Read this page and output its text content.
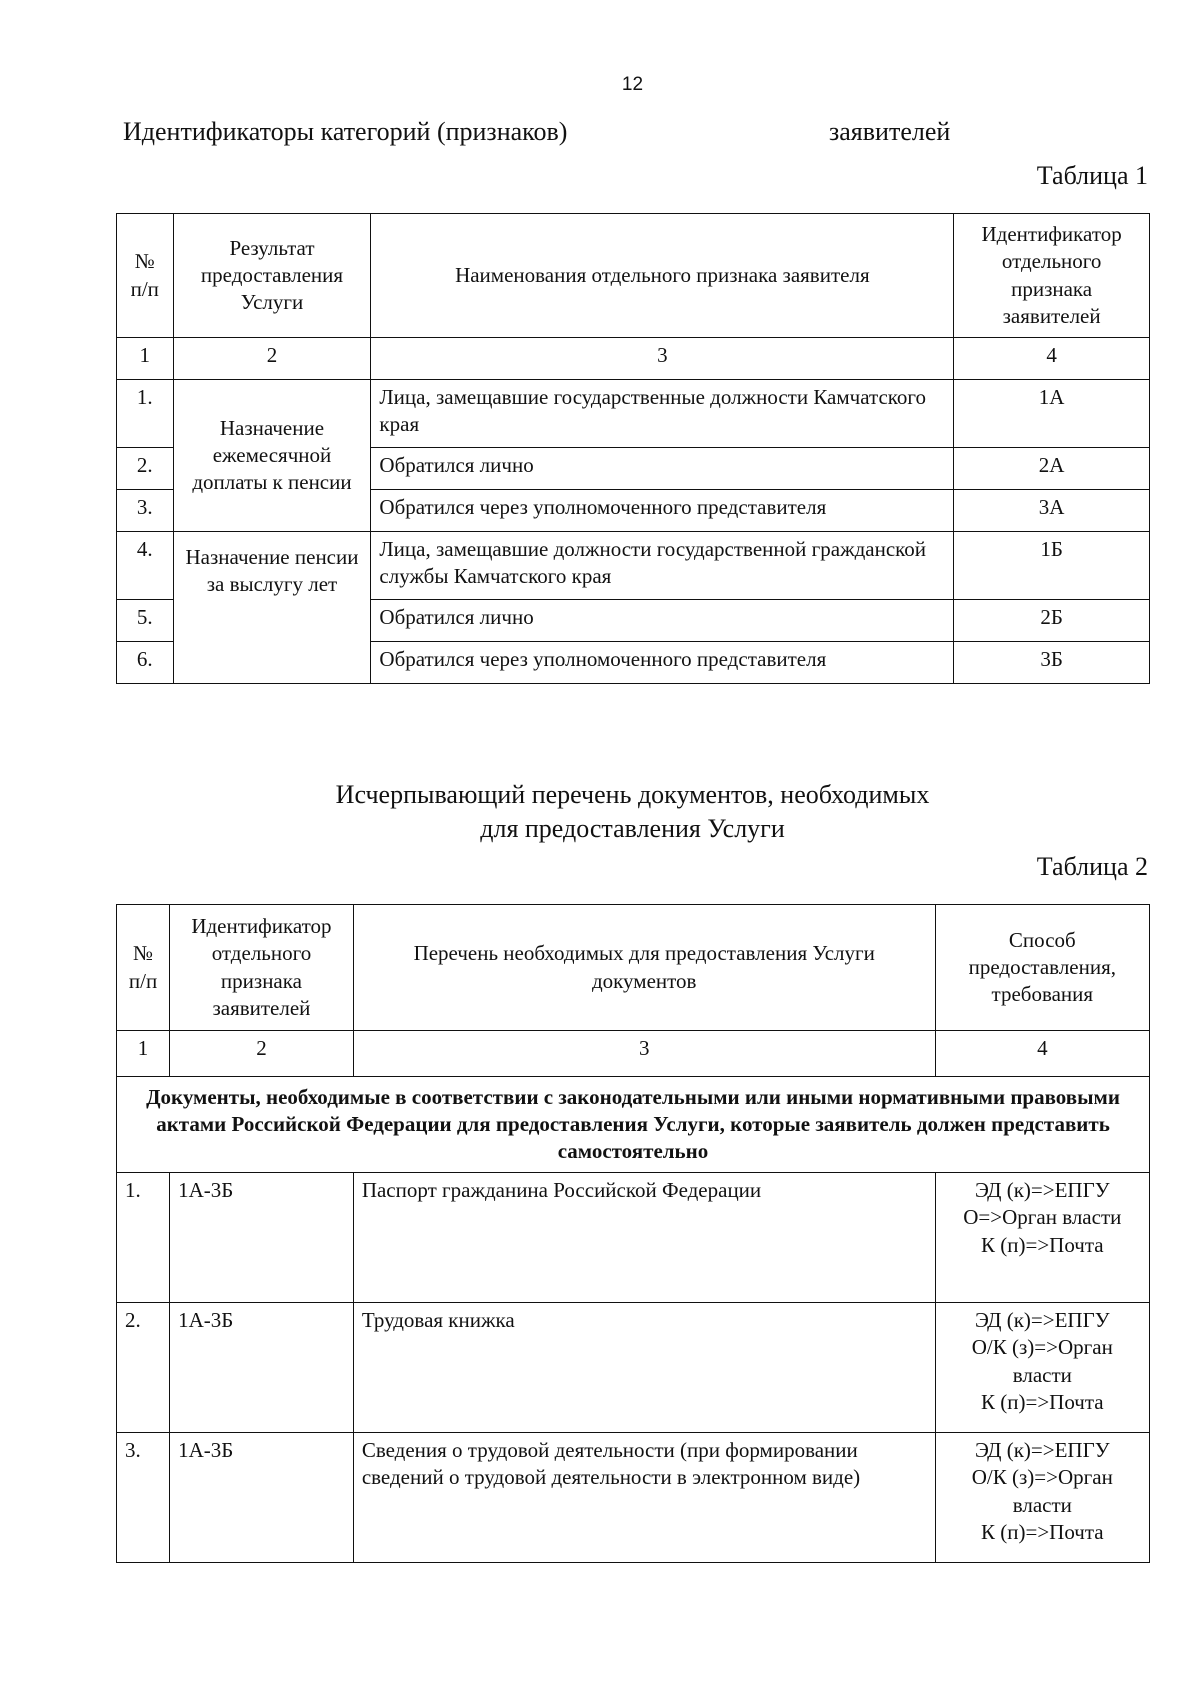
12
Идентификаторы категорий (признаков)	заявителей
Таблица 1
№ п/п	Результат предоставления Услуги	Наименования отдельного признака заявителя	Идентификатор отдельного признака заявителей
1	2	3	4
1.	Назначение ежемесячной доплаты к пенсии	Лица, замещавшие государственные должности Камчатского края	1А
2.		Обратился лично	2А
3.		Обратился через уполномоченного представителя	3А
4.	Назначение пенсии за выслугу лет	Лица, замещавшие должности государственной гражданской службы Камчатского края	1Б
5.		Обратился лично	2Б
6.		Обратился через уполномоченного представителя	3Б
Исчерпывающий перечень документов, необходимых
для предоставления Услуги
Таблица 2
№ п/п	Идентификатор отдельного признака заявителей	Перечень необходимых для предоставления Услуги документов	Способ предоставления, требования
1	2	3	4
Документы, необходимые в соответствии с законодательными или иными нормативными правовыми актами Российской Федерации для предоставления Услуги, которые заявитель должен представить самостоятельно			
1.	1А-3Б	Паспорт гражданина Российской Федерации	ЭД (к)=>ЕПГУ
О=>Орган власти
К (п)=>Почта

2.	1А-3Б	Трудовая книжка	ЭД (к)=>ЕПГУ
О/К (з)=>Орган власти
К (п)=>Почта

3.	1А-3Б	Сведения о трудовой деятельности (при формировании сведений о трудовой деятельности в электронном виде)	ЭД (к)=>ЕПГУ
О/К (з)=>Орган власти
К (п)=>Почта
